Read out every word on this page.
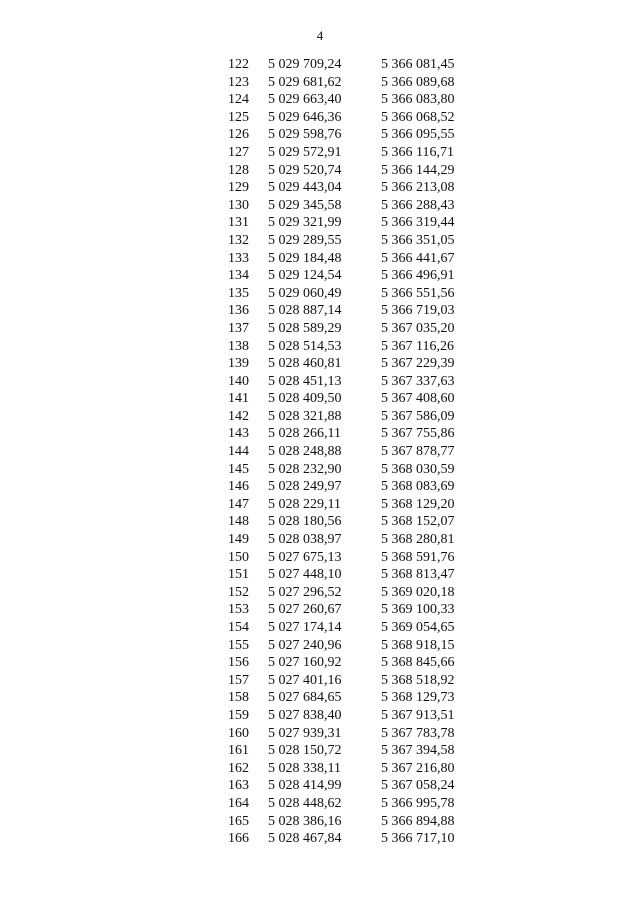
4
122	5 029 709,24	5 366 081,45
123	5 029 681,62	5 366 089,68
124	5 029 663,40	5 366 083,80
125	5 029 646,36	5 366 068,52
126	5 029 598,76	5 366 095,55
127	5 029 572,91	5 366 116,71
128	5 029 520,74	5 366 144,29
129	5 029 443,04	5 366 213,08
130	5 029 345,58	5 366 288,43
131	5 029 321,99	5 366 319,44
132	5 029 289,55	5 366 351,05
133	5 029 184,48	5 366 441,67
134	5 029 124,54	5 366 496,91
135	5 029 060,49	5 366 551,56
136	5 028 887,14	5 366 719,03
137	5 028 589,29	5 367 035,20
138	5 028 514,53	5 367 116,26
139	5 028 460,81	5 367 229,39
140	5 028 451,13	5 367 337,63
141	5 028 409,50	5 367 408,60
142	5 028 321,88	5 367 586,09
143	5 028 266,11	5 367 755,86
144	5 028 248,88	5 367 878,77
145	5 028 232,90	5 368 030,59
146	5 028 249,97	5 368 083,69
147	5 028 229,11	5 368 129,20
148	5 028 180,56	5 368 152,07
149	5 028 038,97	5 368 280,81
150	5 027 675,13	5 368 591,76
151	5 027 448,10	5 368 813,47
152	5 027 296,52	5 369 020,18
153	5 027 260,67	5 369 100,33
154	5 027 174,14	5 369 054,65
155	5 027 240,96	5 368 918,15
156	5 027 160,92	5 368 845,66
157	5 027 401,16	5 368 518,92
158	5 027 684,65	5 368 129,73
159	5 027 838,40	5 367 913,51
160	5 027 939,31	5 367 783,78
161	5 028 150,72	5 367 394,58
162	5 028 338,11	5 367 216,80
163	5 028 414,99	5 367 058,24
164	5 028 448,62	5 366 995,78
165	5 028 386,16	5 366 894,88
166	5 028 467,84	5 366 717,10
